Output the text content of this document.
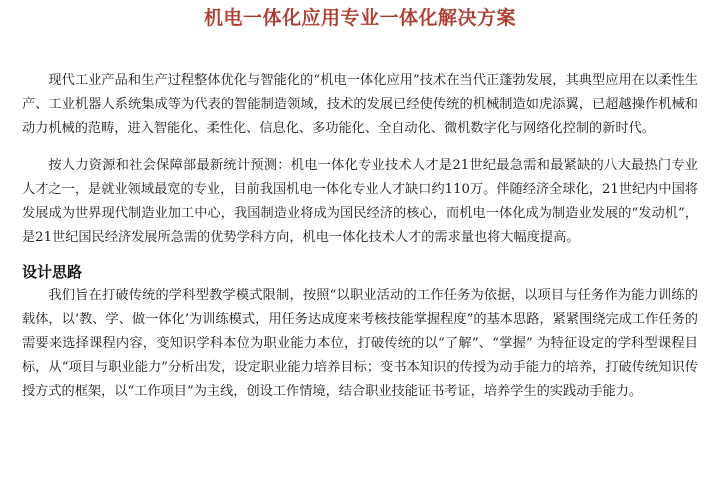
机电一体化应用专业一体化解决方案

现代工业产品和生产过程整体优化与智能化的“机电一体化应用”技术在当代正蓬勃发展，其典型应用在以柔性生产、工业机器人系统集成等为代表的智能制造领域，技术的发展已经使传统的机械制造如虎添翼，已超越操作机械和动力机械的范畴，进入智能化、柔性化、信息化、多功能化、全自动化、微机数字化与网络化控制的新时代。

按人力资源和社会保障部最新统计预测：机电一体化专业技术人才是21世纪最急需和最紧缺的八大最热门专业人才之一，是就业领域最宽的专业，目前我国机电一体化专业人才缺口约110万。伴随经济全球化，21世纪内中国将发展成为世界现代制造业加工中心，我国制造业将成为国民经济的核心，而机电一体化成为制造业发展的“发动机”，是21世纪国民经济发展所急需的优势学科方向，机电一体化技术人才的需求量也将大幅度提高。

设计思路

我们旨在打破传统的学科型教学模式限制，按照“以职业活动的工作任务为依据，以项目与任务作为能力训练的载体，以‘教、学、做一体化’为训练模式，用任务达成度来考核技能掌握程度”的基本思路，紧紧围绕完成工作任务的需要来选择课程内容，变知识学科本位为职业能力本位，打破传统的以“了解”、“掌握” 为特征设定的学科型课程目标，从“项目与职业能力”分析出发，设定职业能力培养目标；变书本知识的传授为动手能力的培养，打破传统知识传授方式的框架，以“工作项目”为主线，创设工作情境，结合职业技能证书考证，培养学生的实践动手能力。
